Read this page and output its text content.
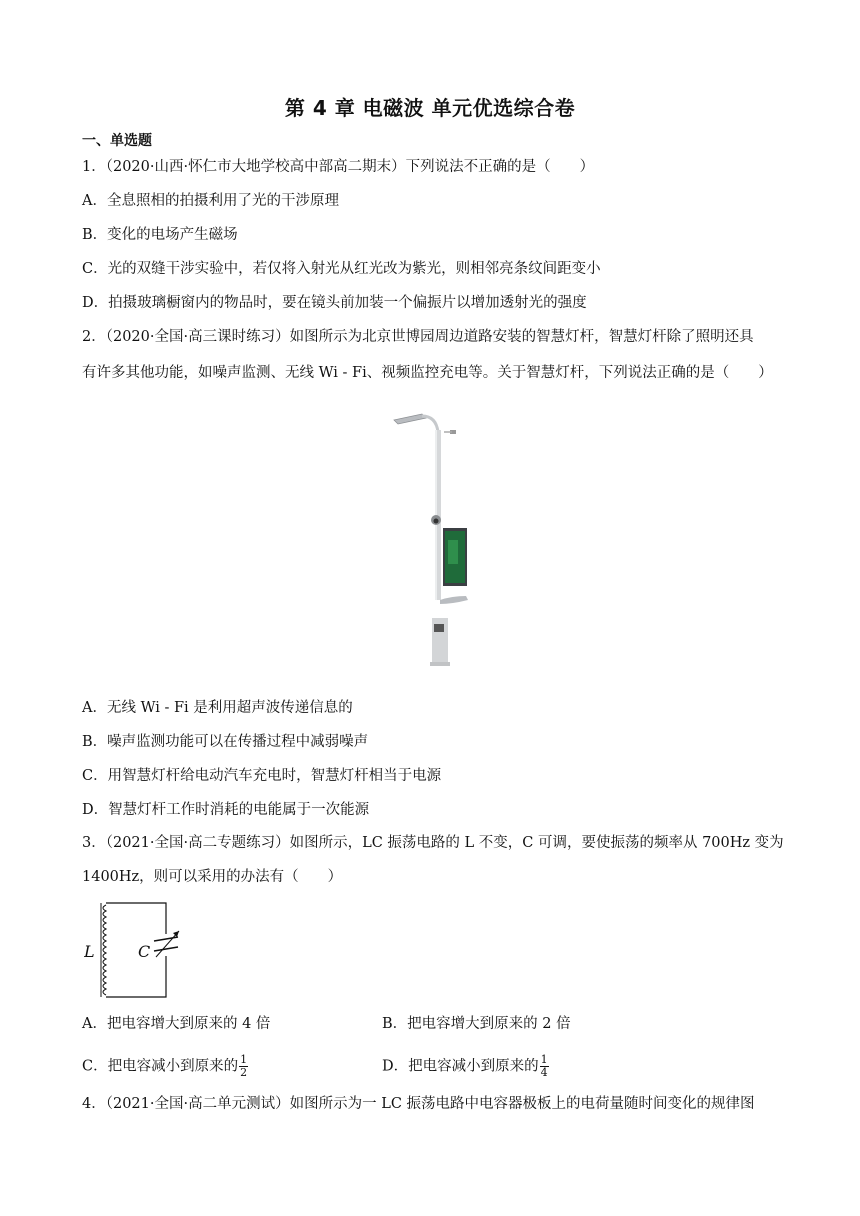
第 4 章 电磁波 单元优选综合卷
一、单选题
1．（2020·山西·怀仁市大地学校高中部高二期末）下列说法不正确的是（　　）
A．全息照相的拍摄利用了光的干涉原理
B．变化的电场产生磁场
C．光的双缝干涉实验中，若仅将入射光从红光改为紫光，则相邻亮条纹间距变小
D．拍摄玻璃橱窗内的物品时，要在镜头前加装一个偏振片以增加透射光的强度
2．（2020·全国·高三课时练习）如图所示为北京世博园周边道路安装的智慧灯杆，智慧灯杆除了照明还具
有许多其他功能，如噪声监测、无线 Wi - Fi、视频监控充电等。关于智慧灯杆，下列说法正确的是（　　）
A．无线 Wi - Fi 是利用超声波传递信息的
B．噪声监测功能可以在传播过程中减弱噪声
C．用智慧灯杆给电动汽车充电时，智慧灯杆相当于电源
D．智慧灯杆工作时消耗的电能属于一次能源
3．（2021·全国·高二专题练习）如图所示，LC 振荡电路的 L 不变，C 可调，要使振荡的频率从 700Hz 变为
1400Hz，则可以采用的办法有（　　）
L	C
A．把电容增大到原来的 4 倍	B．把电容增大到原来的 2 倍
C．把电容减小到原来的 $\frac{1}{2}$	D．把电容减小到原来的 $\frac{1}{4}$
4．（2021·全国·高二单元测试）如图所示为一 LC 振荡电路中电容器极板上的电荷量随时间变化的规律图
